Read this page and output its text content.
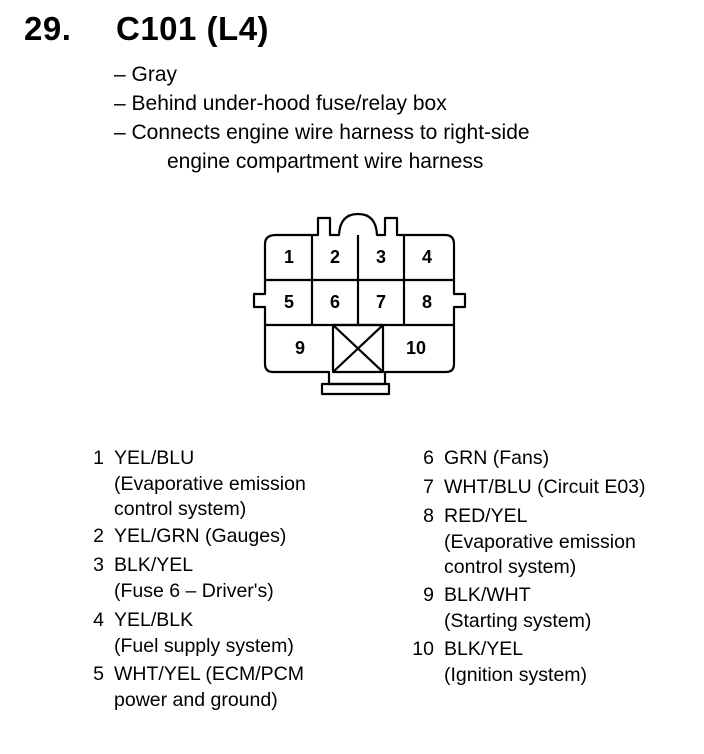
29. C101 (L4)
– Gray
– Behind under-hood fuse/relay box
– Connects engine wire harness to right-side
engine compartment wire harness
1 2 3 4
5 6 7 8
9	10
1 YEL/BLU
(Evaporative emission
control system)
2 YEL/GRN (Gauges)
3 BLK/YEL
(Fuse 6 – Driver's)
4 YEL/BLK
(Fuel supply system)
5 WHT/YEL (ECM/PCM
power and ground)
6 GRN (Fans)
7 WHT/BLU (Circuit E03)
8 RED/YEL
(Evaporative emission
control system)
9 BLK/WHT
(Starting system)
10 BLK/YEL
(Ignition system)
